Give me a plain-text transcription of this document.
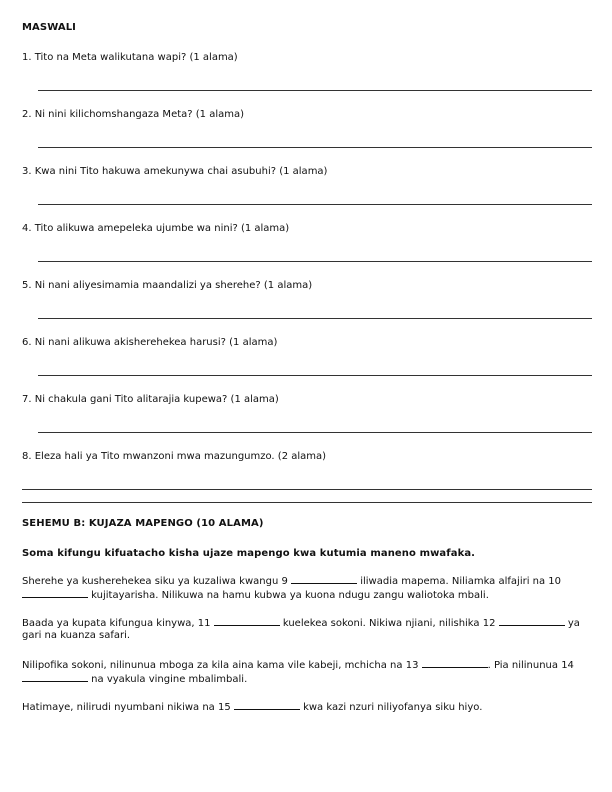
MASWALI
1. Tito na Meta walikutana wapi? (1 alama)
2. Ni nini kilichomshangaza Meta? (1 alama)
3. Kwa nini Tito hakuwa amekunywa chai asubuhi? (1 alama)
4. Tito alikuwa amepeleka ujumbe wa nini? (1 alama)
5. Ni nani aliyesimamia maandalizi ya sherehe? (1 alama)
6. Ni nani alikuwa akisherehekea harusi? (1 alama)
7. Ni chakula gani Tito alitarajia kupewa? (1 alama)
8. Eleza hali ya Tito mwanzoni mwa mazungumzo. (2 alama)
SEHEMU B: KUJAZA MAPENGO (10 ALAMA)
Soma kifungu kifuatacho kisha ujaze mapengo kwa kutumia maneno mwafaka.
Sherehe ya kusherehekea siku ya kuzaliwa kwangu 9	iliwadia mapema. Niliamka alfajiri na 10  kujitayarisha. Nilikuwa na hamu kubwa ya kuona ndugu zangu waliotoka mbali.
Baada ya kupata kifungua kinywa, 11	kuelekea sokoni. Nikiwa njiani, nilishika 12	ya gari na kuanza safari.
Nilipofika sokoni, nilinunua mboga za kila aina kama vile kabeji, mchicha na 13	. Pia nilinunua 14  na vyakula vingine mbalimbali.
Hatimaye, nilirudi nyumbani nikiwa na 15	kwa kazi nzuri niliyofanya siku hiyo.
